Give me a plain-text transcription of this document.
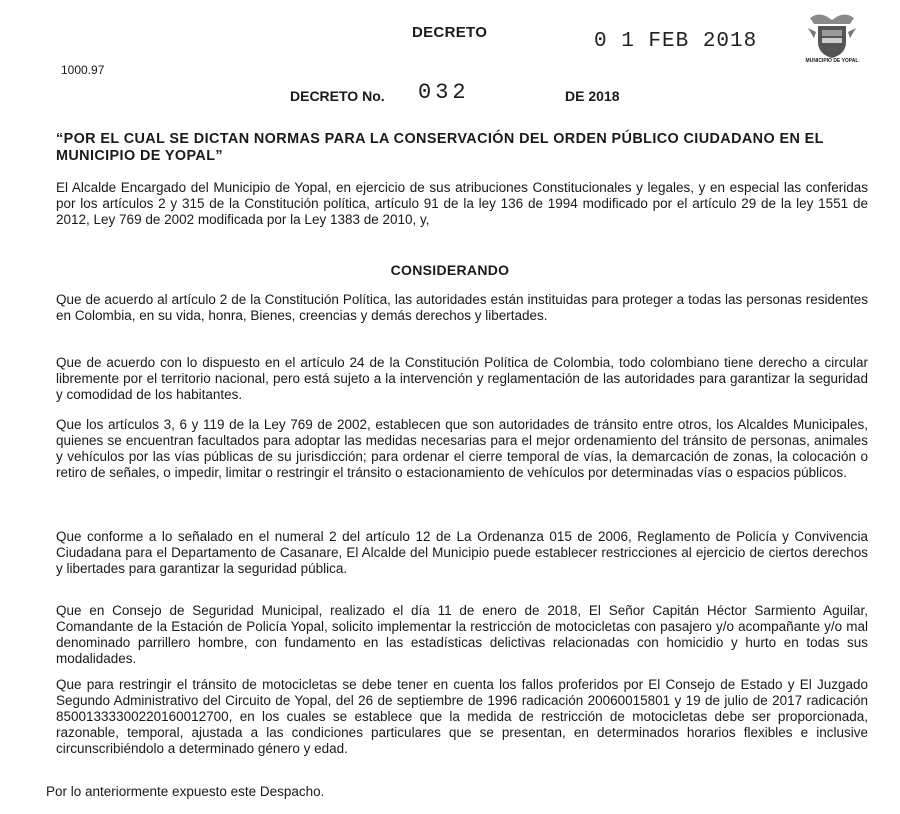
DECRETO	0 1 FEB 2018
1000.97
DECRETO No. 032	DE 2018
MUNICIPIO DE YOPAL
“POR EL CUAL SE DICTAN NORMAS PARA LA CONSERVACIÓN DEL ORDEN PÚBLICO CIUDADANO EN EL MUNICIPIO DE YOPAL”
El Alcalde Encargado del Municipio de Yopal, en ejercicio de sus atribuciones Constitucionales y legales, y en especial las conferidas por los artículos 2 y 315 de la Constitución política, artículo 91 de la ley 136 de 1994 modificado por el artículo 29 de la ley 1551 de 2012, Ley 769 de 2002 modificada por la Ley 1383 de 2010, y,
CONSIDERANDO
Que de acuerdo al artículo 2 de la Constitución Política, las autoridades están instituidas para proteger a todas las personas residentes en Colombia, en su vida, honra, Bienes, creencias y demás derechos y libertades.
Que de acuerdo con lo dispuesto en el artículo 24 de la Constitución Política de Colombia, todo colombiano tiene derecho a circular libremente por el territorio nacional, pero está sujeto a la intervención y reglamentación de las autoridades para garantizar la seguridad y comodidad de los habitantes.
Que los artículos 3, 6 y 119 de la Ley 769 de 2002, establecen que son autoridades de tránsito entre otros, los Alcaldes Municipales, quienes se encuentran facultados para adoptar las medidas necesarias para el mejor ordenamiento del tránsito de personas, animales y vehículos por las vías públicas de su jurisdicción; para ordenar el cierre temporal de vías, la demarcación de zonas, la colocación o retiro de señales, o impedir, limitar o restringir el tránsito o estacionamiento de vehículos por determinadas vías o espacios públicos.
Que conforme a lo señalado en el numeral 2 del artículo 12 de La Ordenanza 015 de 2006, Reglamento de Policía y Convivencia Ciudadana para el Departamento de Casanare, El Alcalde del Municipio puede establecer restricciones al ejercicio de ciertos derechos y libertades para garantizar la seguridad pública.
Que en Consejo de Seguridad Municipal, realizado el día 11 de enero de 2018, El Señor Capitán Héctor Sarmiento Aguilar, Comandante de la Estación de Policía Yopal, solicito implementar la restricción de motocicletas con pasajero y/o acompañante y/o mal denominado parrillero hombre, con fundamento en las estadísticas delictivas relacionadas con homicidio y hurto en todas sus modalidades.
Que para restringir el tránsito de motocicletas se debe tener en cuenta los fallos proferidos por El Consejo de Estado y El Juzgado Segundo Administrativo del Circuito de Yopal, del 26 de septiembre de 1996 radicación 20060015801 y 19 de julio de 2017 radicación 85001333300220160012700, en los cuales se establece que la medida de restricción de motocicletas debe ser proporcionada, razonable, temporal, ajustada a las condiciones particulares que se presentan, en determinados horarios flexibles e inclusive circunscribiéndolo a determinado género y edad.
Por lo anteriormente expuesto este Despacho.
